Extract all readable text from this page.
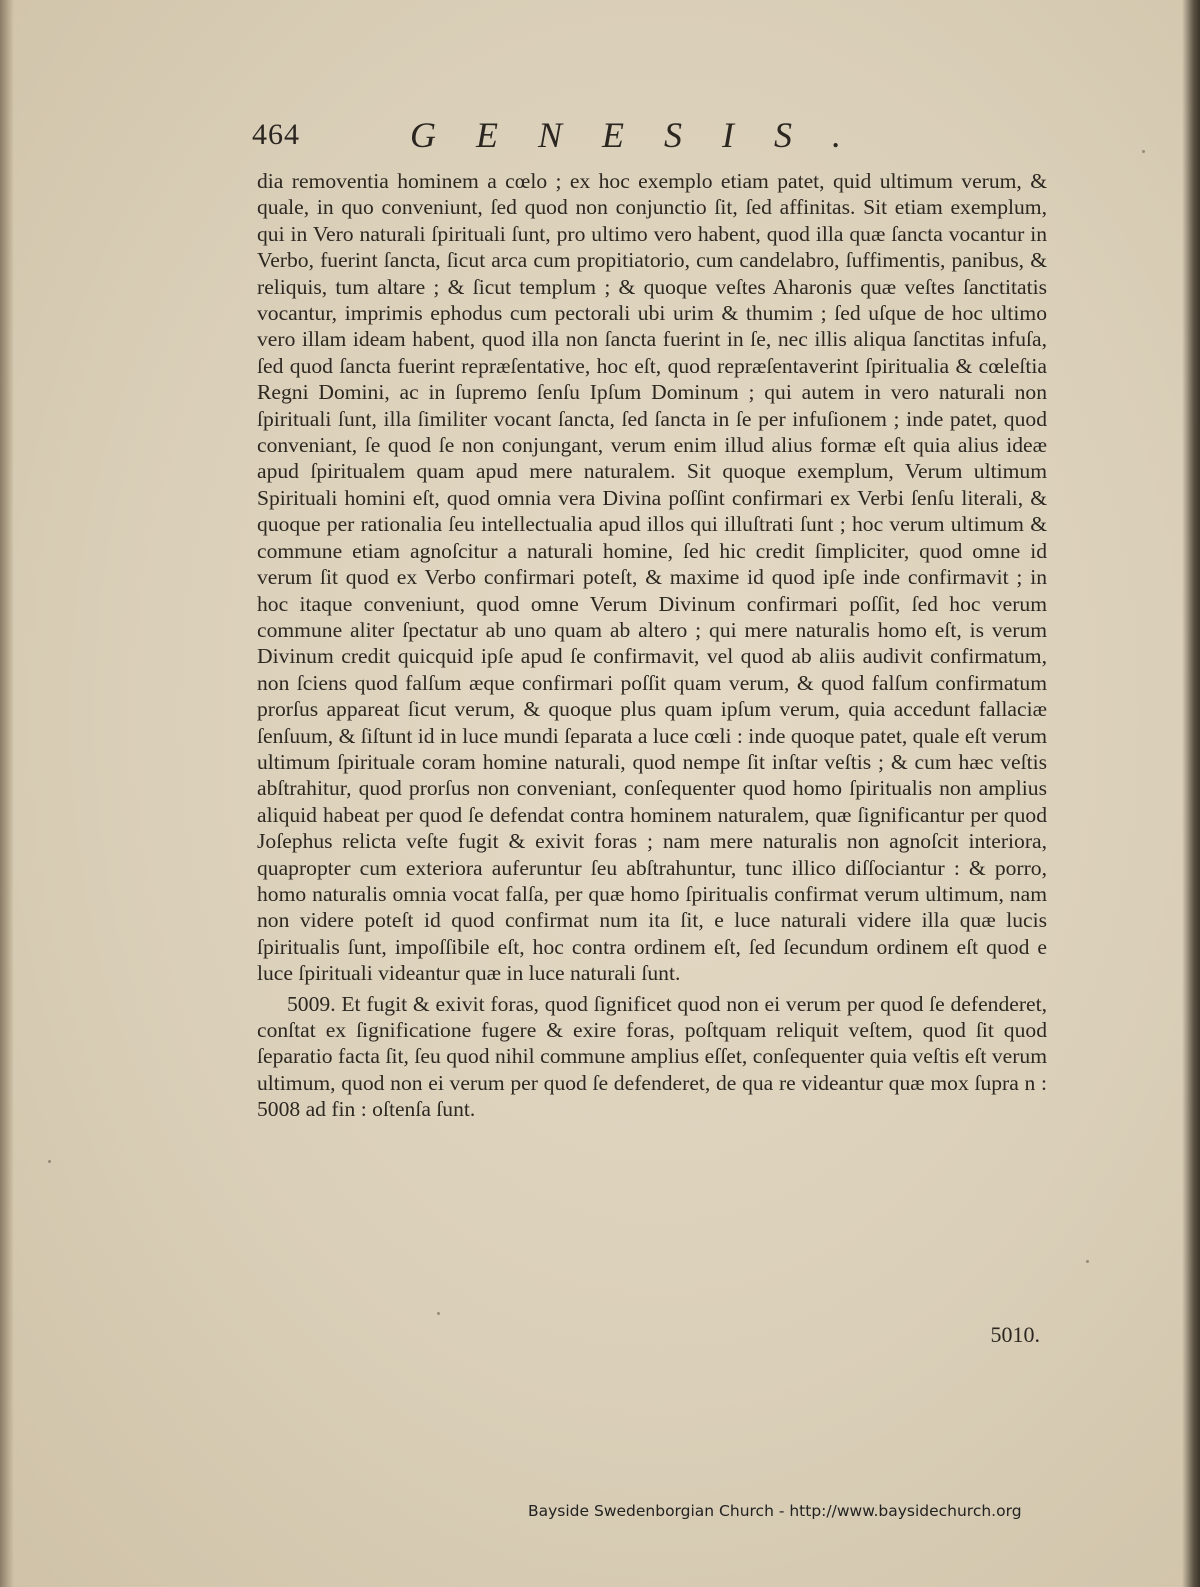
464	GENESIS.

dia removentia hominem a cœlo ; ex hoc exemplo etiam patet, quid ultimum verum, & quale, in quo conveniunt, ſed quod non conjunctio ſit, ſed affinitas. Sit etiam exemplum, qui in Vero naturali ſpirituali ſunt, pro ultimo vero habent, quod illa quæ ſancta vocantur in Verbo, fuerint ſancta, ſicut arca cum propitiatorio, cum candelabro, ſuffimentis, panibus, & reliquis, tum altare ; & ſicut templum ; & quoque veſtes Aharonis quæ veſtes ſanctitatis vocantur, imprimis ephodus cum pectorali ubi urim & thumim ; ſed uſque de hoc ultimo vero illam ideam habent, quod illa non ſancta fuerint in ſe, nec illis aliqua ſanctitas infuſa, ſed quod ſancta fuerint repræſentative, hoc eſt, quod repræſentaverint ſpiritualia & cœleſtia Regni Domini, ac in ſupremo ſenſu Ipſum Dominum ; qui autem in vero naturali non ſpirituali ſunt, illa ſimiliter vocant ſancta, ſed ſancta in ſe per infuſionem ; inde patet, quod conveniant, ſe quod ſe non conjungant, verum enim illud alius formæ eſt quia alius ideæ apud ſpiritualem quam apud mere naturalem. Sit quoque exemplum, Verum ultimum Spirituali homini eſt, quod omnia vera Divina poſſint confirmari ex Verbi ſenſu literali, & quoque per rationalia ſeu intellectualia apud illos qui illuſtrati ſunt ; hoc verum ultimum & commune etiam agnoſcitur a naturali homine, ſed hic credit ſimpliciter, quod omne id verum ſit quod ex Verbo confirmari poteſt, & maxime id quod ipſe inde confirmavit ; in hoc itaque conveniunt, quod omne Verum Divinum confirmari poſſit, ſed hoc verum commune aliter ſpectatur ab uno quam ab altero ; qui mere naturalis homo eſt, is verum Divinum credit quicquid ipſe apud ſe confirmavit, vel quod ab aliis audivit confirmatum, non ſciens quod falſum æque confirmari poſſit quam verum, & quod falſum confirmatum prorſus appareat ſicut verum, & quoque plus quam ipſum verum, quia accedunt fallaciæ ſenſuum, & ſiſtunt id in luce mundi ſeparata a luce cœli : inde quoque patet, quale eſt verum ultimum ſpirituale coram homine naturali, quod nempe ſit inſtar veſtis ; & cum hæc veſtis abſtrahitur, quod prorſus non conveniant, conſequenter quod homo ſpiritualis non amplius aliquid habeat per quod ſe defendat contra hominem naturalem, quæ ſignificantur per quod Joſephus relicta veſte fugit & exivit foras ; nam mere naturalis non agnoſcit interiora, quapropter cum exteriora auferuntur ſeu abſtrahuntur, tunc illico diſſociantur : & porro, homo naturalis omnia vocat falſa, per quæ homo ſpiritualis confirmat verum ultimum, nam non videre poteſt id quod confirmat num ita ſit, e luce naturali videre illa quæ lucis ſpiritualis ſunt, impoſſibile eſt, hoc contra ordinem eſt, ſed ſecundum ordinem eſt quod e luce ſpirituali videantur quæ in luce naturali ſunt.

5009. Et fugit & exivit foras, quod ſignificet quod non ei verum per quod ſe defenderet, conſtat ex ſignificatione fugere & exire foras, poſtquam reliquit veſtem, quod ſit quod ſeparatio facta ſit, ſeu quod nihil commune amplius eſſet, conſequenter quia veſtis eſt verum ultimum, quod non ei verum per quod ſe defenderet, de qua re videantur quæ mox ſupra n : 5008 ad fin : oſtenſa ſunt.

5010.
Bayside Swedenborgian Church - http://www.baysidechurch.org
